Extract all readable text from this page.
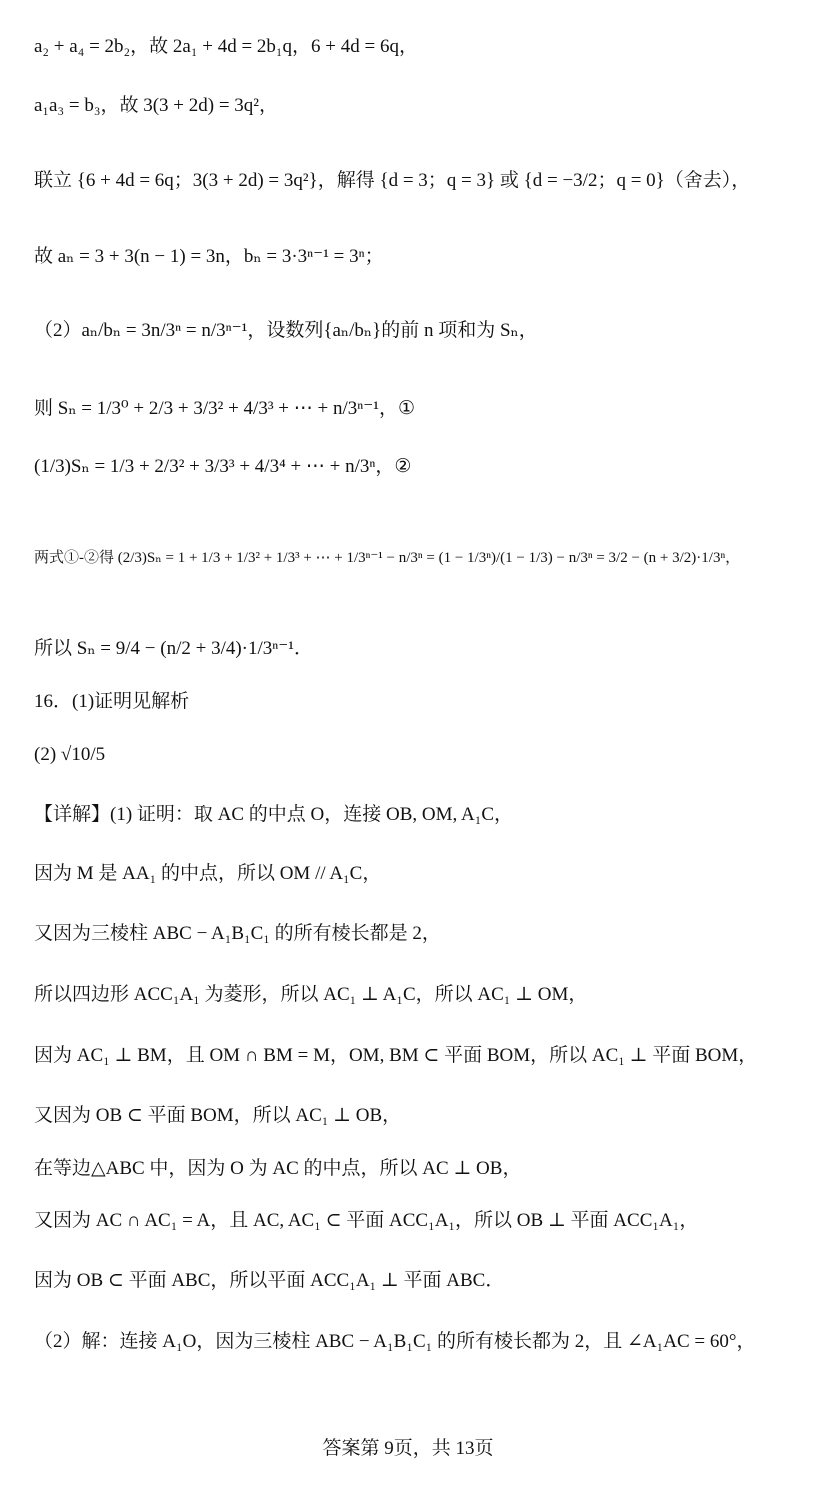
a₂ + a₄ = 2b₂，故 2a₁ + 4d = 2b₁q，6 + 4d = 6q，
a₁a₃ = b₃，故 3(3 + 2d) = 3q²，
联立 {6 + 4d = 6q；3(3 + 2d) = 3q²}，解得 {d = 3；q = 3} 或 {d = −3/2；q = 0}（舍去），
故 aₙ = 3 + 3(n − 1) = 3n，bₙ = 3·3ⁿ⁻¹ = 3ⁿ；
（2）aₙ/bₙ = 3n/3ⁿ = n/3ⁿ⁻¹，设数列{aₙ/bₙ}的前 n 项和为 Sₙ，
则 Sₙ = 1/3⁰ + 2/3 + 3/3² + 4/3³ + ⋯ + n/3ⁿ⁻¹，①
(1/3)Sₙ = 1/3 + 2/3² + 3/3³ + 4/3⁴ + ⋯ + n/3ⁿ，②
两式①-②得 (2/3)Sₙ = 1 + 1/3 + 1/3² + 1/3³ + ⋯ + 1/3ⁿ⁻¹ − n/3ⁿ = (1 − 1/3ⁿ)/(1 − 1/3) − n/3ⁿ = 3/2 − (n + 3/2)·1/3ⁿ，
所以 Sₙ = 9/4 − (n/2 + 3/4)·1/3ⁿ⁻¹．
16．(1)证明见解析
(2) √10/5
【详解】(1) 证明：取 AC 的中点 O，连接 OB, OM, A₁C，
因为 M 是 AA₁ 的中点，所以 OM // A₁C，
又因为三棱柱 ABC − A₁B₁C₁ 的所有棱长都是 2，
所以四边形 ACC₁A₁ 为菱形，所以 AC₁ ⊥ A₁C，所以 AC₁ ⊥ OM，
因为 AC₁ ⊥ BM，且 OM ∩ BM = M，OM, BM ⊂ 平面 BOM，所以 AC₁ ⊥ 平面 BOM，
又因为 OB ⊂ 平面 BOM，所以 AC₁ ⊥ OB，
在等边△ABC 中，因为 O 为 AC 的中点，所以 AC ⊥ OB，
又因为 AC ∩ AC₁ = A，且 AC, AC₁ ⊂ 平面 ACC₁A₁，所以 OB ⊥ 平面 ACC₁A₁，
因为 OB ⊂ 平面 ABC，所以平面 ACC₁A₁ ⊥ 平面 ABC．
（2）解：连接 A₁O，因为三棱柱 ABC − A₁B₁C₁ 的所有棱长都为 2，且 ∠A₁AC = 60°，
答案第 9页，共 13页
